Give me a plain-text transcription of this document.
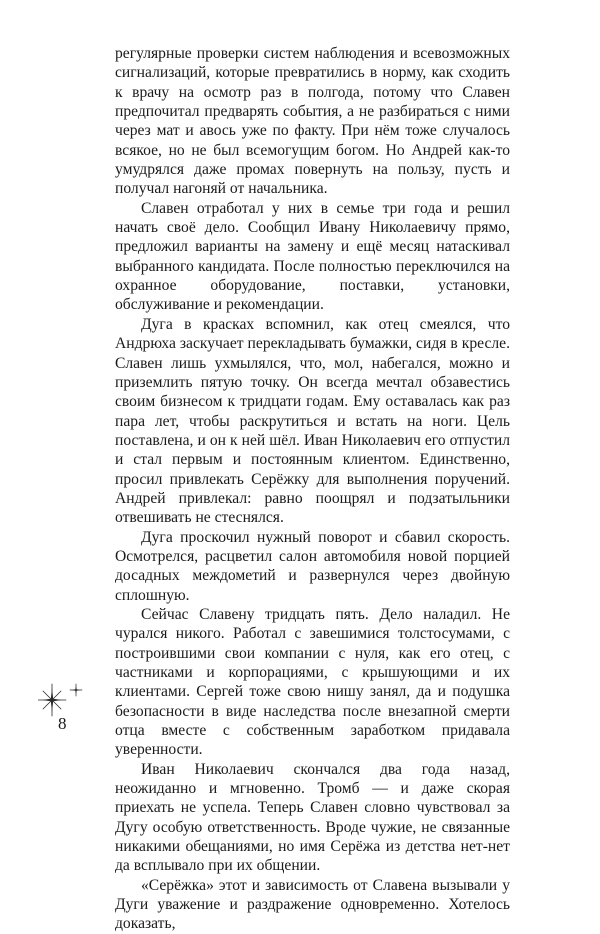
регулярные проверки систем наблюдения и всевозможных сигнализаций, которые превратились в норму, как сходить к врачу на осмотр раз в полгода, потому что Славен предпочитал предварять события, а не разбираться с ними через мат и авось уже по факту. При нём тоже случалось всякое, но не был всемогущим богом. Но Андрей как-то умудрялся даже промах повернуть на пользу, пусть и получал нагоняй от начальника.

Славен отработал у них в семье три года и решил начать своё дело. Сообщил Ивану Николаевичу прямо, предложил варианты на замену и ещё месяц натаскивал выбранного кандидата. После полностью переключился на охранное оборудование, поставки, установки, обслуживание и рекомендации.

Дуга в красках вспомнил, как отец смеялся, что Андрюха заскучает перекладывать бумажки, сидя в кресле. Славен лишь ухмылялся, что, мол, набегался, можно и приземлить пятую точку. Он всегда мечтал обзавестись своим бизнесом к тридцати годам. Ему оставалась как раз пара лет, чтобы раскрутиться и встать на ноги. Цель поставлена, и он к ней шёл. Иван Николаевич его отпустил и стал первым и постоянным клиентом. Единственно, просил привлекать Серёжку для выполнения поручений. Андрей привлекал: равно поощрял и подзатыльники отвешивать не стеснялся.

Дуга проскочил нужный поворот и сбавил скорость. Осмотрелся, расцветил салон автомобиля новой порцией досадных междометий и развернулся через двойную сплошную.

Сейчас Славену тридцать пять. Дело наладил. Не чурался никого. Работал с завешимися толстосумами, с построившими свои компании с нуля, как его отец, с частниками и корпорациями, с крышующими и их клиентами. Сергей тоже свою нишу занял, да и подушка безопасности в виде наследства после внезапной смерти отца вместе с собственным заработком придавала уверенности.

Иван Николаевич скончался два года назад, неожиданно и мгновенно. Тромб — и даже скорая приехать не успела. Теперь Славен словно чувствовал за Дугу особую ответственность. Вроде чужие, не связанные никакими обещаниями, но имя Серёжа из детства нет-нет да всплывало при их общении.

«Серёжка» этот и зависимость от Славена вызывали у Дуги уважение и раздражение одновременно. Хотелось доказать,

8
